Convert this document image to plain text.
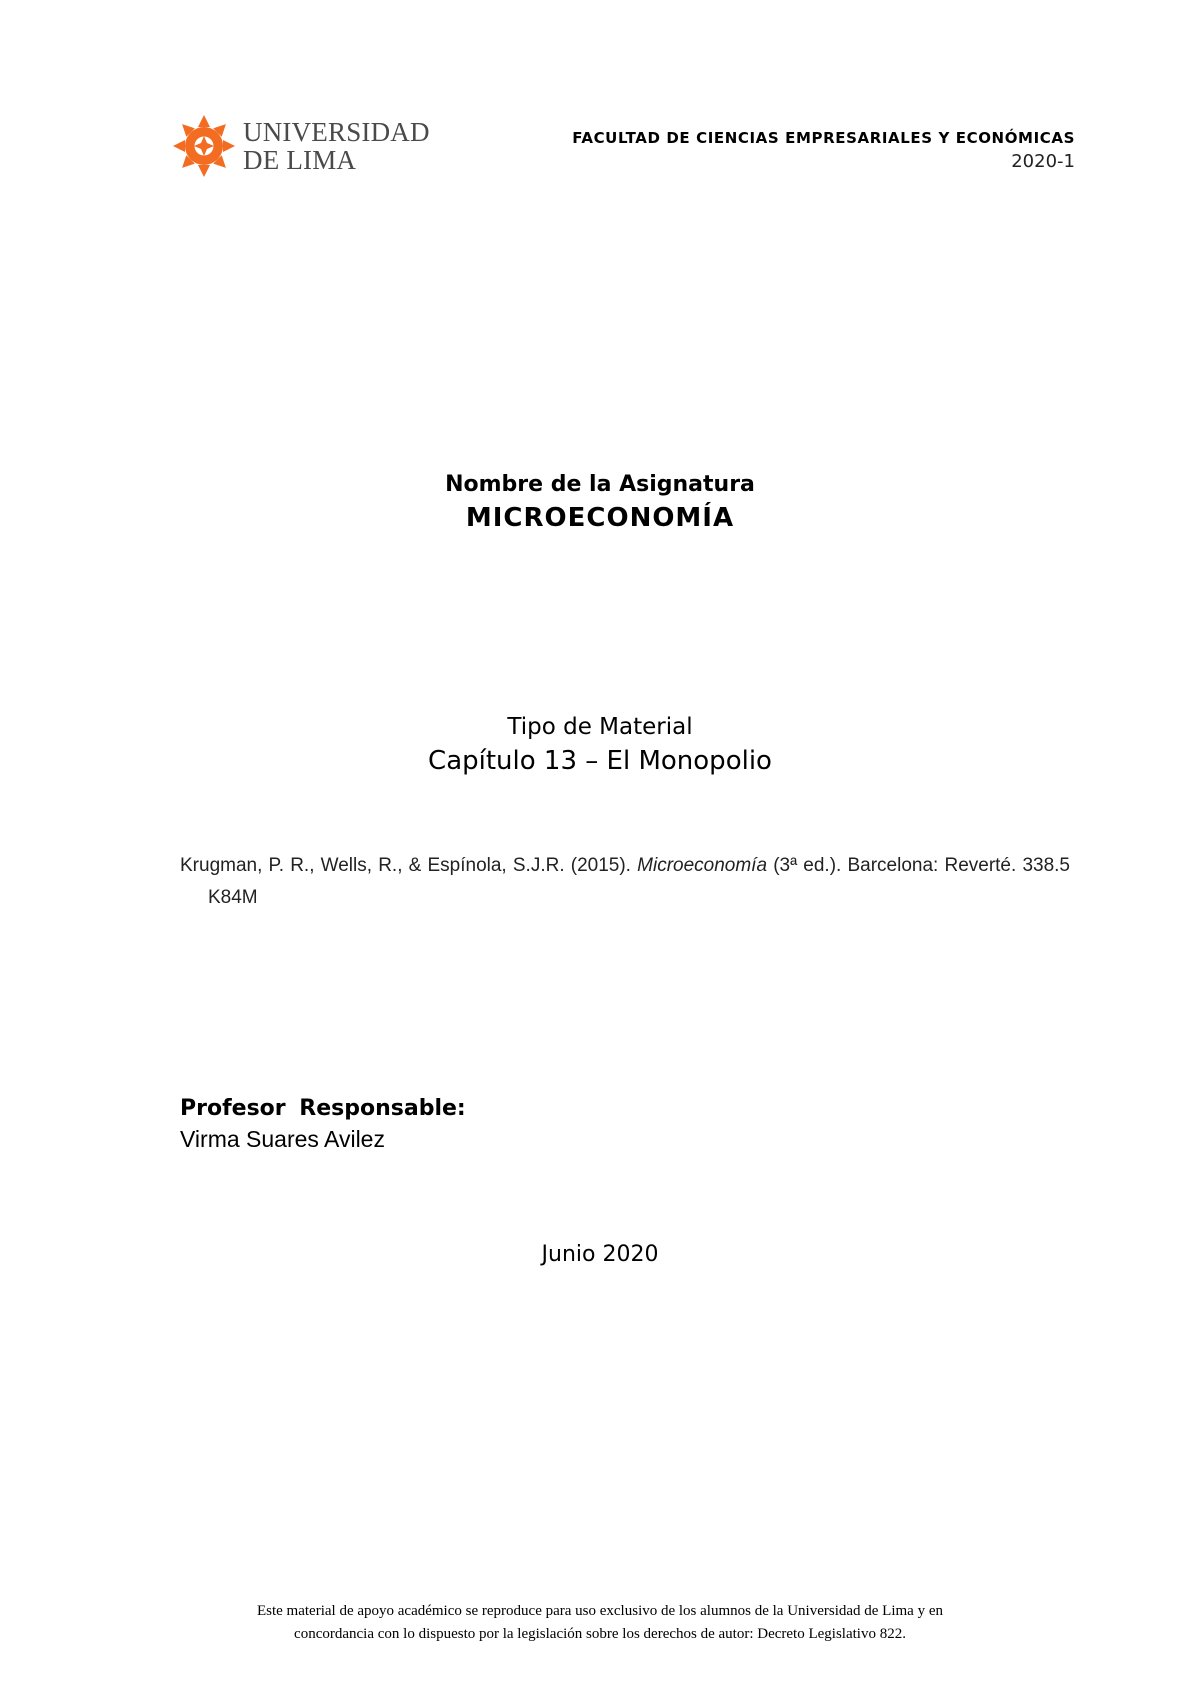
UNIVERSIDAD
DE LIMA
FACULTAD DE CIENCIAS EMPRESARIALES Y ECONÓMICAS
2020-1
Nombre de la Asignatura
MICROECONOMÍA
Tipo de Material
Capítulo 13 – El Monopolio
Krugman, P. R., Wells, R., & Espínola, S.J.R. (2015). Microeconomía (3ª ed.). Barcelona: Reverté. 338.5 K84M
Profesor Responsable:
Virma Suares Avilez
Junio 2020
Este material de apoyo académico se reproduce para uso exclusivo de los alumnos de la Universidad de Lima y en
concordancia con lo dispuesto por la legislación sobre los derechos de autor: Decreto Legislativo 822.
